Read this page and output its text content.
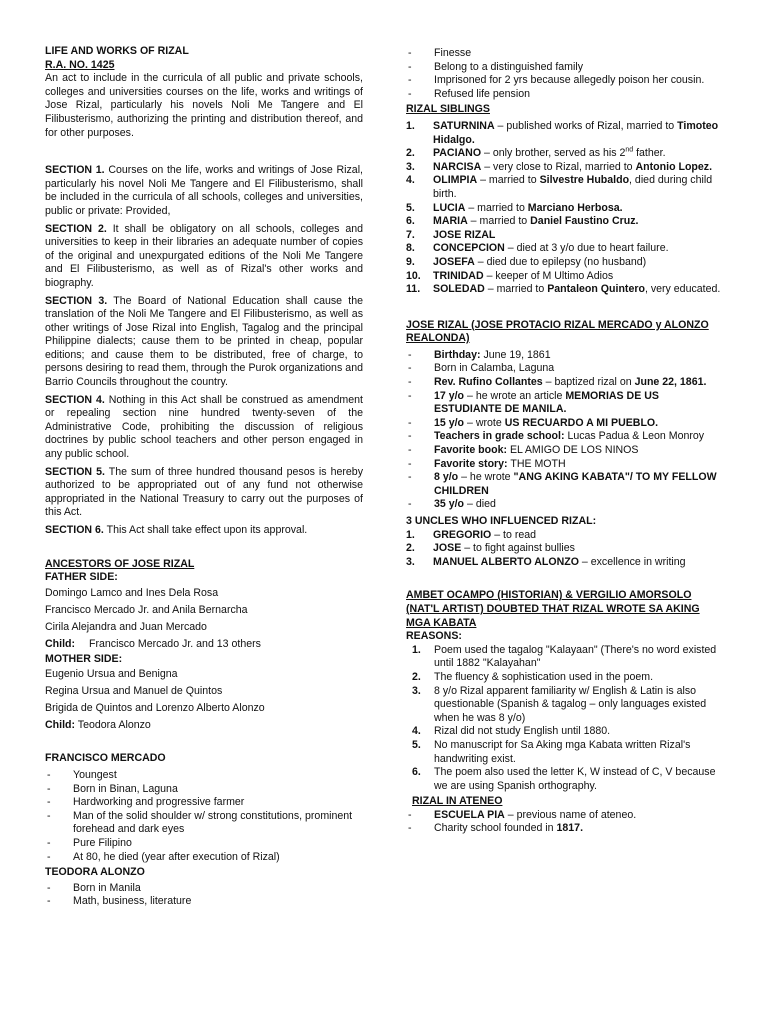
LIFE AND WORKS OF RIZAL

R.A. NO. 1425

An act to include in the curricula of all public and private schools, colleges and universities courses on the life, works and writings of Jose Rizal, particularly his novels Noli Me Tangere and El Filibusterismo, authorizing the printing and distribution thereof, and for other purposes.

SECTION 1. Courses on the life, works and writings of Jose Rizal, particularly his novel Noli Me Tangere and El Filibusterismo, shall be included in the curricula of all schools, colleges and universities, public or private: Provided,

SECTION 2. It shall be obligatory on all schools, colleges and universities to keep in their libraries an adequate number of copies of the original and unexpurgated editions of the Noli Me Tangere and El Filibusterismo, as well as of Rizal's other works and biography.

SECTION 3. The Board of National Education shall cause the translation of the Noli Me Tangere and El Filibusterismo, as well as other writings of Jose Rizal into English, Tagalog and the principal Philippine dialects; cause them to be printed in cheap, popular editions; and cause them to be distributed, free of charge, to persons desiring to read them, through the Purok organizations and Barrio Councils throughout the country.

SECTION 4. Nothing in this Act shall be construed as amendment or repealing section nine hundred twenty-seven of the Administrative Code, prohibiting the discussion of religious doctrines by public school teachers and other person engaged in any public school.

SECTION 5. The sum of three hundred thousand pesos is hereby authorized to be appropriated out of any fund not otherwise appropriated in the National Treasury to carry out the purposes of this Act.

SECTION 6. This Act shall take effect upon its approval.

ANCESTORS OF JOSE RIZAL

FATHER SIDE:

Domingo Lamco and Ines Dela Rosa

Francisco Mercado Jr. and Anila Bernarcha

Cirila Alejandra and Juan Mercado

Child: Francisco Mercado Jr. and 13 others

MOTHER SIDE:

Eugenio Ursua and Benigna

Regina Ursua and Manuel de Quintos

Brigida de Quintos and Lorenzo Alberto Alonzo

Child: Teodora Alonzo

FRANCISCO MERCADO

- Youngest
- Born in Binan, Laguna
- Hardworking and progressive farmer
- Man of the solid shoulder w/ strong constitutions, prominent forehead and dark eyes
- Pure Filipino
- At 80, he died (year after execution of Rizal)

TEODORA ALONZO

- Born in Manila
- Math, business, literature
- Finesse
- Belong to a distinguished family
- Imprisoned for 2 yrs because allegedly poison her cousin.
- Refused life pension

RIZAL SIBLINGS

1. SATURNINA – published works of Rizal, married to Timoteo Hidalgo.
2. PACIANO – only brother, served as his 2nd father.
3. NARCISA – very close to Rizal, married to Antonio Lopez.
4. OLIMPIA – married to Silvestre Hubaldo, died during child birth.
5. LUCIA – married to Marciano Herbosa.
6. MARIA – married to Daniel Faustino Cruz.
7. JOSE RIZAL
8. CONCEPCION – died at 3 y/o due to heart failure.
9. JOSEFA – died due to epilepsy (no husband)
10. TRINIDAD – keeper of M Ultimo Adios
11. SOLEDAD – married to Pantaleon Quintero, very educated.

JOSE RIZAL (JOSE PROTACIO RIZAL MERCADO y ALONZO REALONDA)

- Birthday: June 19, 1861
- Born in Calamba, Laguna
- Rev. Rufino Collantes – baptized rizal on June 22, 1861.
- 17 y/o – he wrote an article MEMORIAS DE US ESTUDIANTE DE MANILA.
- 15 y/o – wrote US RECUARDO A MI PUEBLO.
- Teachers in grade school: Lucas Padua & Leon Monroy
- Favorite book: EL AMIGO DE LOS NINOS
- Favorite story: THE MOTH
- 8 y/o – he wrote "ANG AKING KABATA"/ TO MY FELLOW CHILDREN
- 35 y/o – died

3 UNCLES WHO INFLUENCED RIZAL:

1. GREGORIO – to read
2. JOSE – to fight against bullies
3. MANUEL ALBERTO ALONZO – excellence in writing

AMBET OCAMPO (HISTORIAN) & VERGILIO AMORSOLO (NAT'L ARTIST) DOUBTED THAT RIZAL WROTE SA AKING MGA KABATA

REASONS:

1. Poem used the tagalog "Kalayaan" (There's no word existed until 1882 "Kalayahan"
2. The fluency & sophistication used in the poem.
3. 8 y/o Rizal apparent familiarity w/ English & Latin is also questionable (Spanish & tagalog – only languages existed when he was 8 y/o)
4. Rizal did not study English until 1880.
5. No manuscript for Sa Aking mga Kabata written Rizal's handwriting exist.
6. The poem also used the letter K, W instead of C, V because we are using Spanish orthography.

RIZAL IN ATENEO

- ESCUELA PIA – previous name of ateneo.
- Charity school founded in 1817.
